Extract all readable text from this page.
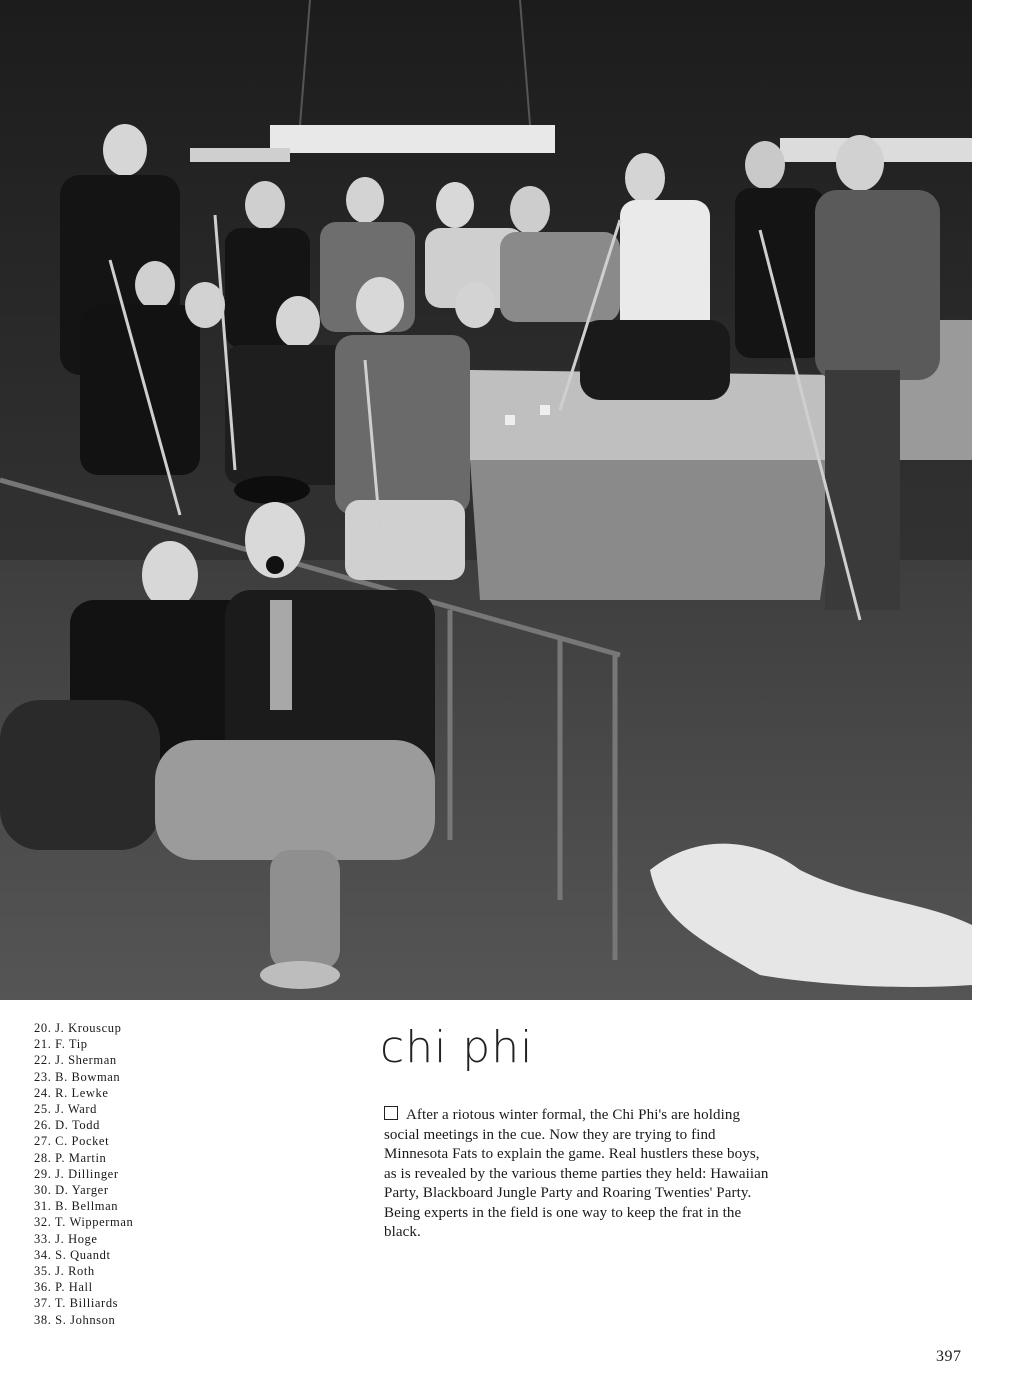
20. J. Krouscup
21. F. Tip
22. J. Sherman
23. B. Bowman
24. R. Lewke
25. J. Ward
26. D. Todd
27. C. Pocket
28. P. Martin
29. J. Dillinger
30. D. Yarger
31. B. Bellman
32. T. Wipperman
33. J. Hoge
34. S. Quandt
35. J. Roth
36. P. Hall
37. T. Billiards
38. S. Johnson
chi phi

After a riotous winter formal, the Chi Phi's are holding social meetings in the cue. Now they are trying to find Minnesota Fats to explain the game. Real hustlers these boys, as is revealed by the various theme parties they held: Hawaiian Party, Blackboard Jungle Party and Roaring Twenties' Party. Being experts in the field is one way to keep the frat in the black.

397
